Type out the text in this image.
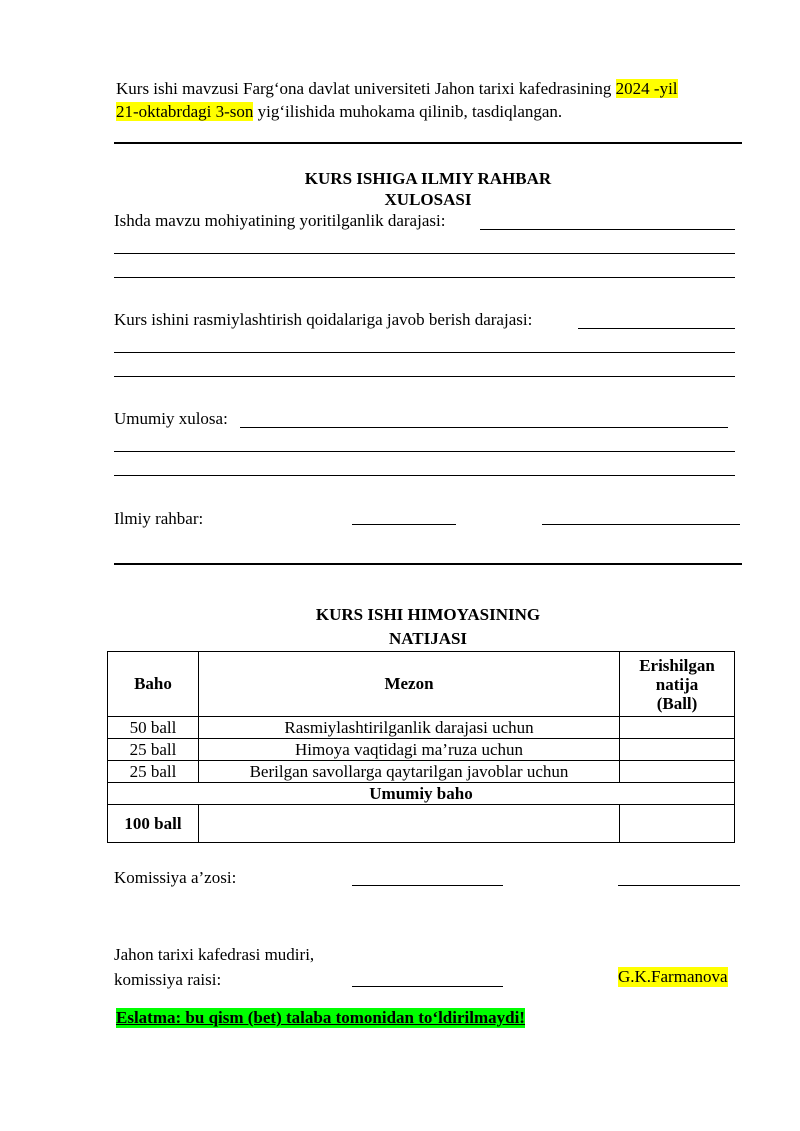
Kurs ishi mavzusi Farg‘ona davlat universiteti Jahon tarixi kafedrasining 2024 -yil
21-oktabrdagi 3-son yig‘ilishida muhokama qilinib, tasdiqlangan.
KURS ISHIGA ILMIY RAHBAR
XULOSASI
Ishda mavzu mohiyatining yoritilganlik darajasi:
Kurs ishini rasmiylashtirish qoidalariga javob berish darajasi:
Umumiy xulosa:
Ilmiy rahbar:
KURS ISHI HIMOYASINING
NATIJASI
Baho	Mezon	Erishilgan
natija
(Ball)

50 ball	Rasmiylashtirilganlik darajasi uchun	
25 ball	Himoya vaqtidagi ma’ruza uchun	
25 ball	Berilgan savollarga qaytarilgan javoblar uchun	
Umumiy baho		
100 ball		
Komissiya a’zosi:
Jahon tarixi kafedrasi mudiri,
komissiya raisi:	G.K.Farmanova
Eslatma: bu qism (bet) talaba tomonidan to‘ldirilmaydi!
